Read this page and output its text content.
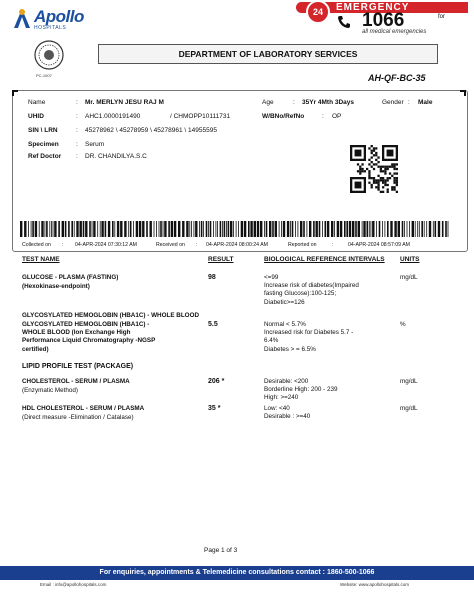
Apollo
HOSPITALS
24	EMERGENCY
1066	for
all medical emergencies
PC-1007
DEPARTMENT OF LABORATORY SERVICES
AH-QF-BC-35
Name	: Mr. MERLYN JESU RAJ M	Age	: 35Yr 4Mth 3Days	Gender : Male
UHID	: AHC1.0000191490	/ CHMOPP10111731	W/BNo/RefNo	: OP
SIN \ LRN	: 45278962 \ 45278959 \ 45278961 \ 14955595
Specimen	: Serum
Ref Doctor : DR. CHANDILYA.S.C
Collected on : 04-APR-2024 07:30:12 AM	Received on : 04-APR-2024 08:00:24 AM	Reported on	:	04-APR-2024 08:57:09 AM
TEST NAME	RESULT	BIOLOGICAL REFERENCE INTERVALS UNITS
GLUCOSE - PLASMA (FASTING)
(Hexokinase-endpoint)
98	<=99
Increase risk of diabetes(Impaired
fasting Glucose):100-125;
Diabetic>=126
mg/dL
GLYCOSYLATED HEMOGLOBIN (HBA1C) - WHOLE BLOOD
GLYCOSYLATED HEMOGLOBIN (HBA1C) -
WHOLE BLOOD (Ion Exchange High
Performance Liquid Chromatography -NGSP
certified)
5.5	Normal < 5.7%
Increased risk for Diabetes 5.7 -
6.4%
Diabetes > = 6.5%
%
LIPID PROFILE TEST (PACKAGE)
CHOLESTEROL - SERUM / PLASMA
(Enzymatic Method)
206 *	Desirable: <200
Borderline High: 200 - 239
High: >=240
mg/dL
HDL CHOLESTEROL - SERUM / PLASMA
(Direct measure -Elimination / Catalase)
35 *	Low: <40
Desirable : >=40
mg/dL
Page 1 of 3
For enquiries, appointments & Telemedicine consultations contact : 1860-500-1066
Email : info@apollohospitals.com	Website: www.apollohospitals.com
